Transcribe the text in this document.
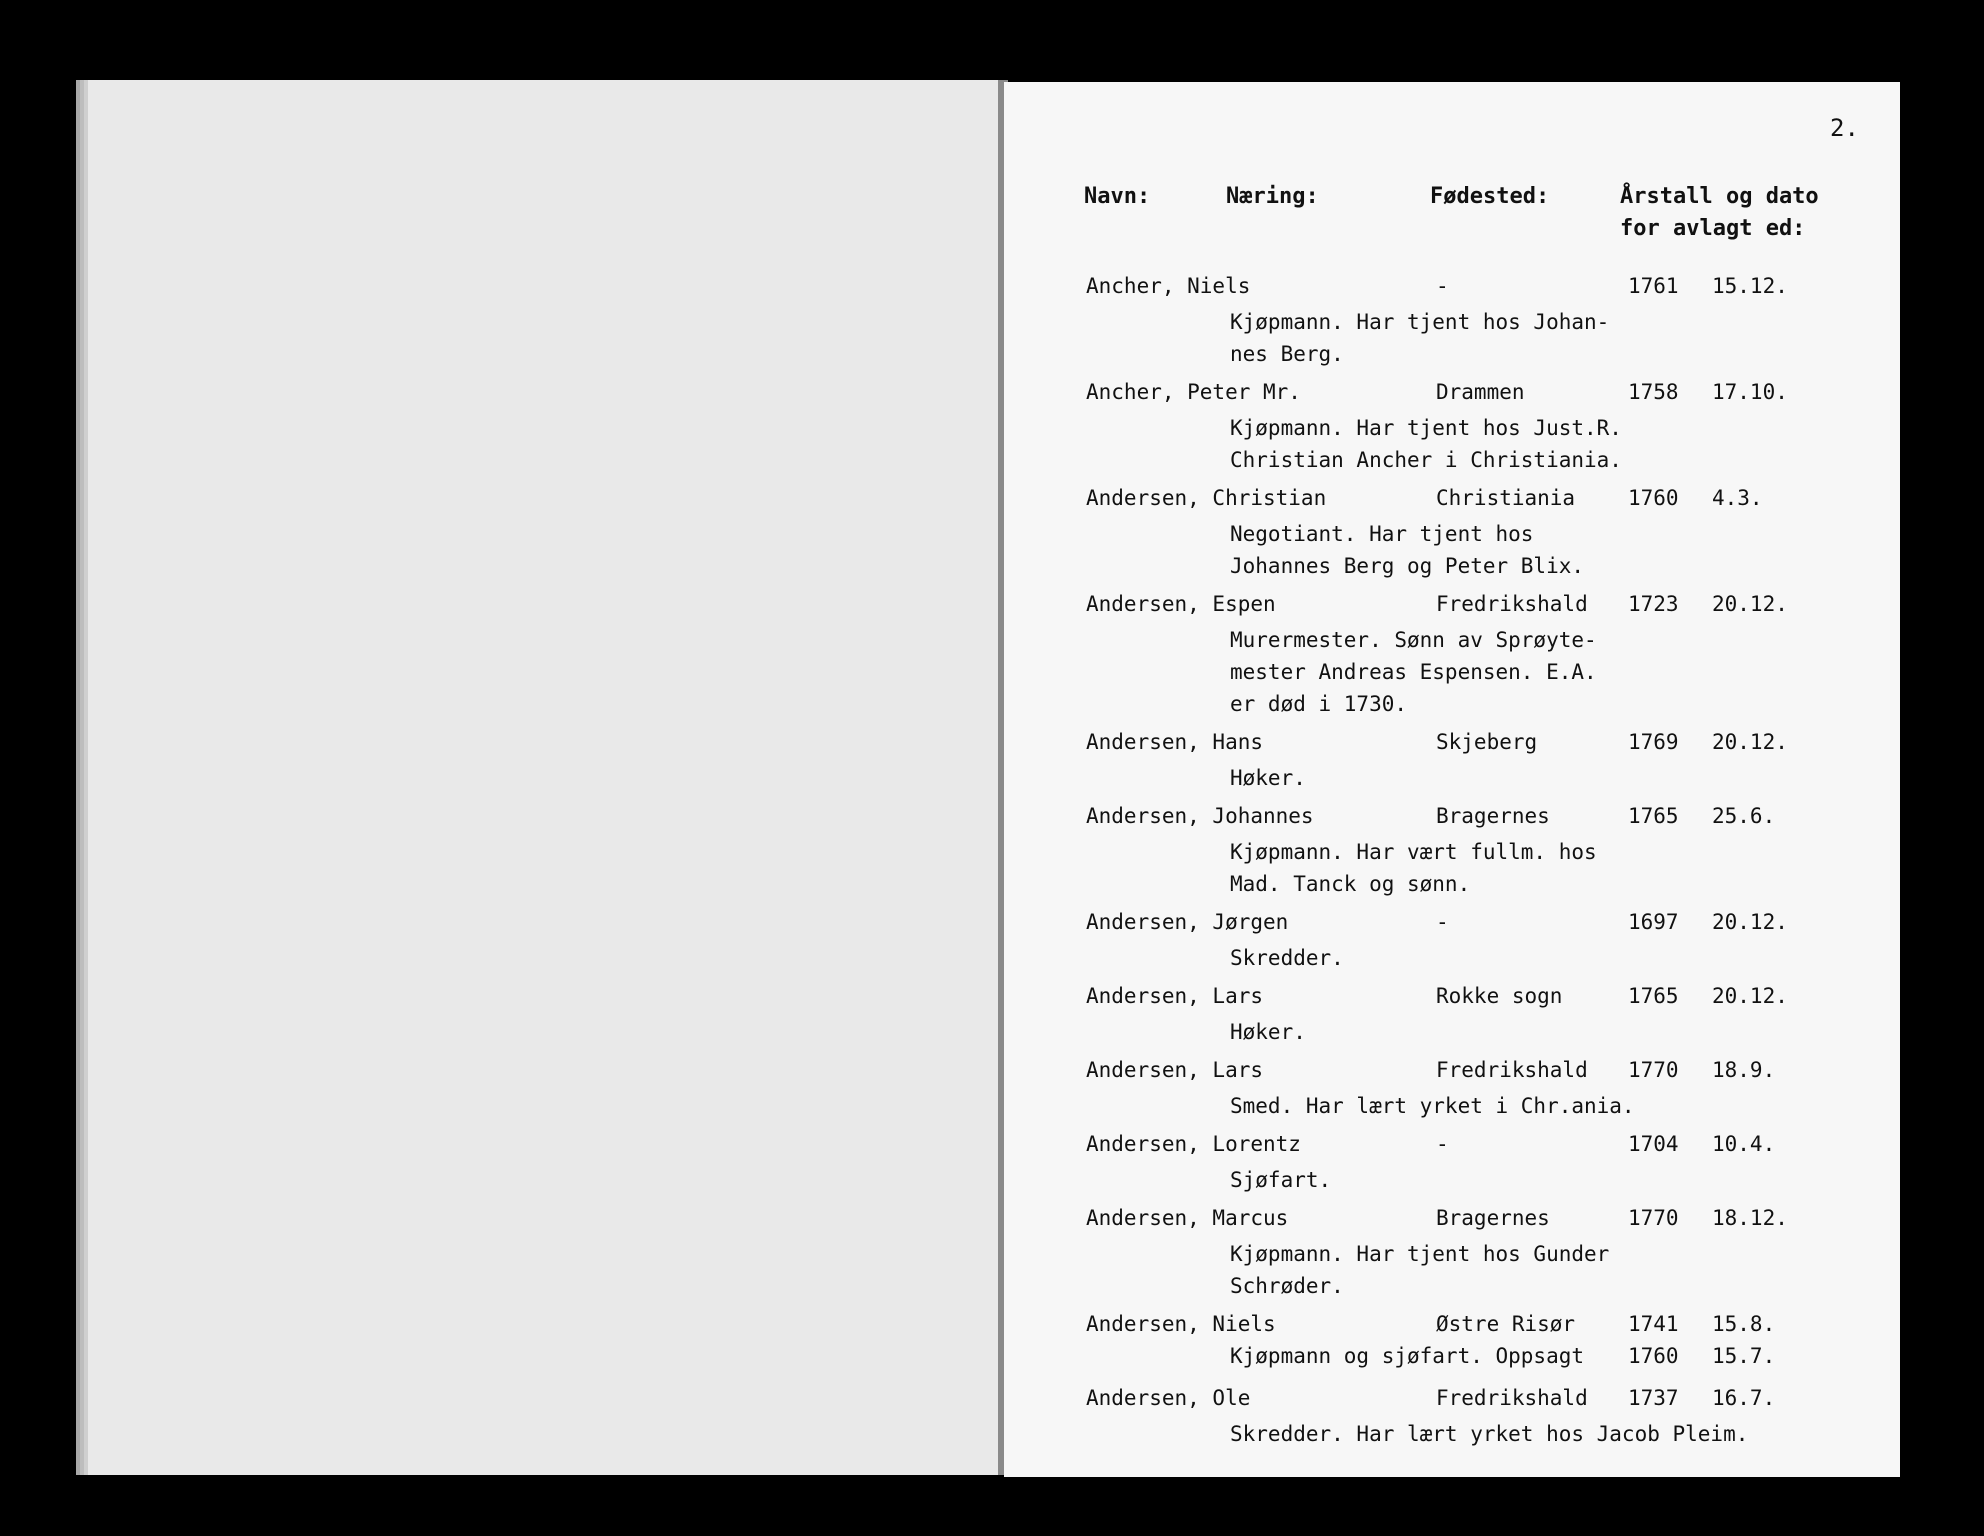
2.
Navn:	Næring:	Fødested:	Årstall og dato
for avlagt ed:
Ancher, Niels	-	1761 15.12.
Kjøpmann. Har tjent hos Johan-
nes Berg.
Ancher, Peter Mr.	Drammen	1758 17.10.
Kjøpmann. Har tjent hos Just.R.
Christian Ancher i Christiania.
Andersen, Christian	Christiania	1760 4.3.
Negotiant. Har tjent hos
Johannes Berg og Peter Blix.
Andersen, Espen	Fredrikshald 1723 20.12.
Murermester. Sønn av Sprøyte-
mester Andreas Espensen. E.A.
er død i 1730.
Andersen, Hans	Skjeberg	1769 20.12.
Høker.
Andersen, Johannes	Bragernes	1765 25.6.
Kjøpmann. Har vært fullm. hos
Mad. Tanck og sønn.
Andersen, Jørgen	-	1697 20.12.
Skredder.
Andersen, Lars	Rokke sogn	1765 20.12.
Høker.
Andersen, Lars	Fredrikshald 1770 18.9.
Smed. Har lært yrket i Chr.ania.
Andersen, Lorentz	-	1704 10.4.
Sjøfart.
Andersen, Marcus	Bragernes	1770 18.12.
Kjøpmann. Har tjent hos Gunder
Schrøder.
Andersen, Niels	Østre Risør	1741 15.8.
Kjøpmann og sjøfart. Oppsagt 1760 15.7.
Andersen, Ole	Fredrikshald 1737 16.7.
Skredder. Har lært yrket hos Jacob Pleim.
